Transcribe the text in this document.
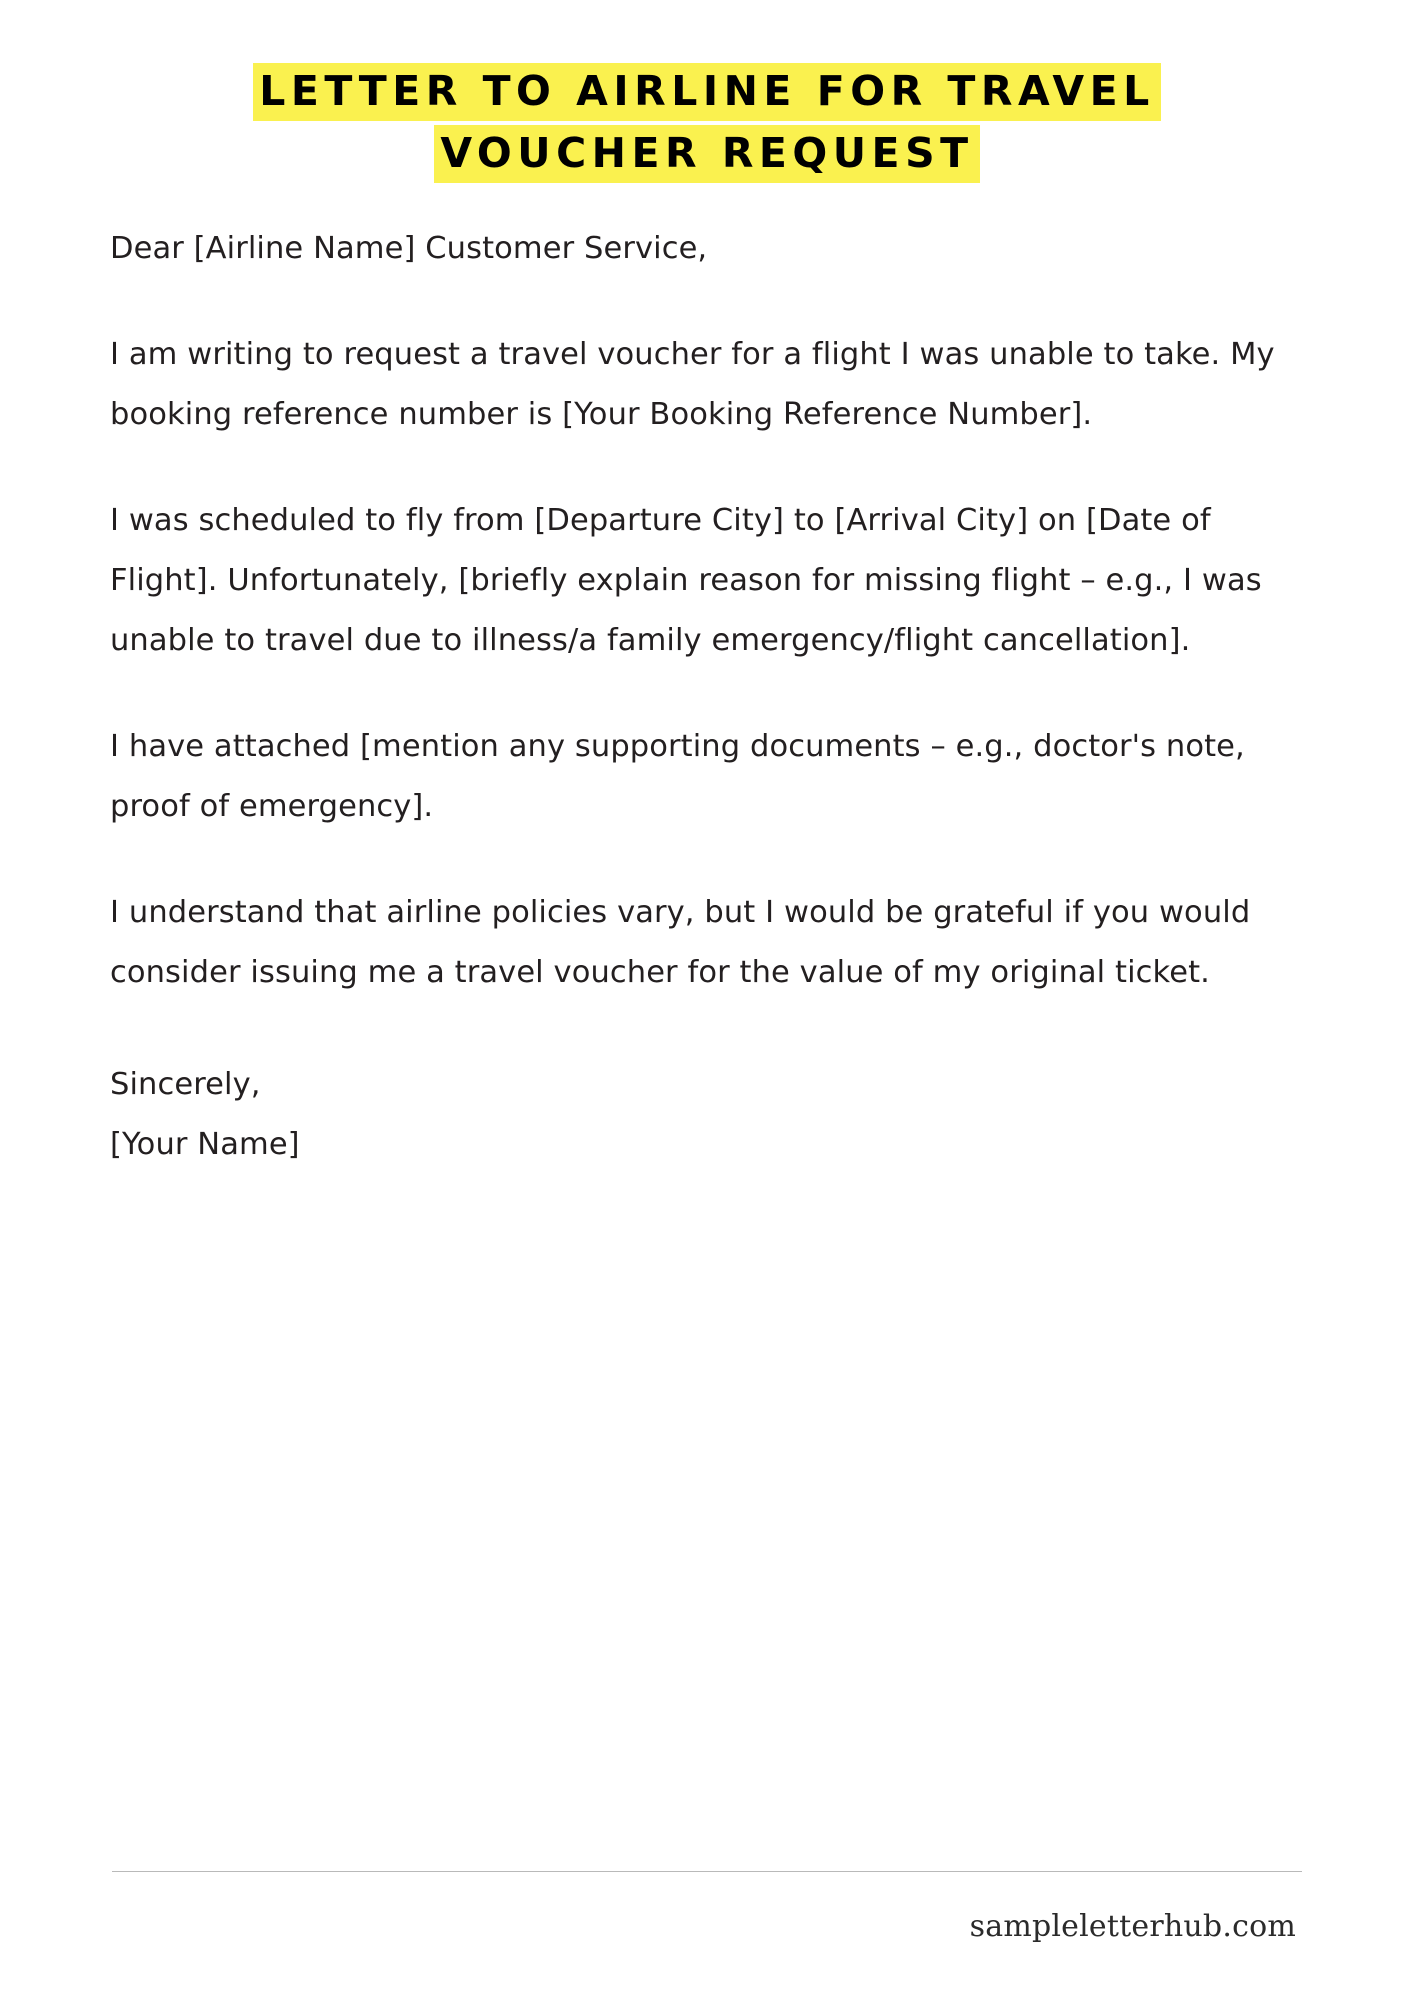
LETTER TO AIRLINE FOR TRAVEL
VOUCHER REQUEST

Dear [Airline Name] Customer Service,

I am writing to request a travel voucher for a flight I was unable to take. My booking reference number is [Your Booking Reference Number].

I was scheduled to fly from [Departure City] to [Arrival City] on [Date of Flight]. Unfortunately, [briefly explain reason for missing flight – e.g., I was unable to travel due to illness/a family emergency/flight cancellation].

I have attached [mention any supporting documents – e.g., doctor's note, proof of emergency].

I understand that airline policies vary, but I would be grateful if you would consider issuing me a travel voucher for the value of my original ticket.

Sincerely,

[Your Name]

sampleletterhub.com
